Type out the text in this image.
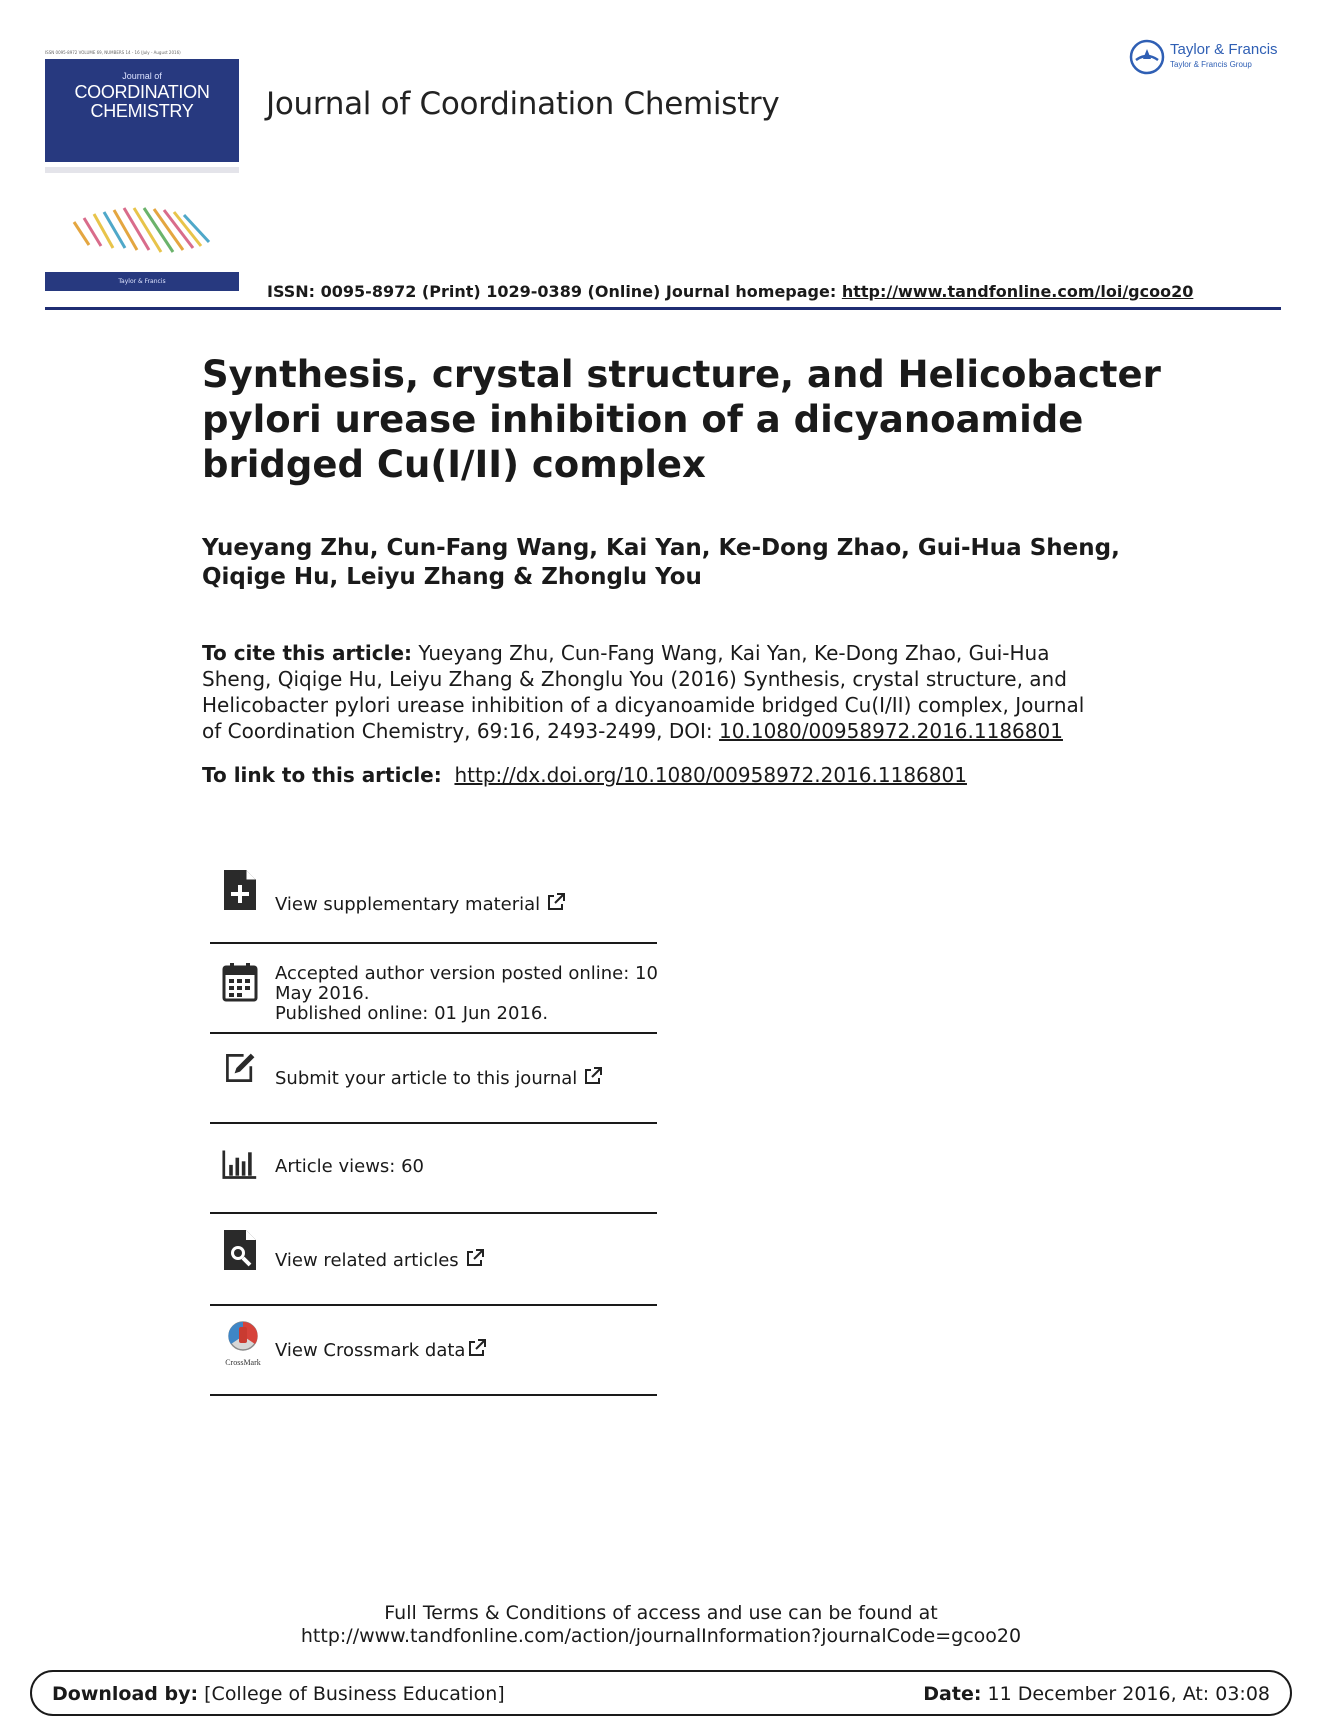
ISSN 0095-8972 VOLUME 69, NUMBERS 14 - 16 (July - August 2016)
Journal of
COORDINATION
CHEMISTRY
Taylor & Francis
Journal of Coordination Chemistry
Taylor & Francis
Taylor & Francis Group
ISSN: 0095-8972 (Print) 1029-0389 (Online) Journal homepage: http://www.tandfonline.com/loi/gcoo20
Synthesis, crystal structure, and Helicobacter pylori urease inhibition of a dicyanoamide bridged Cu(I/II) complex
Yueyang Zhu, Cun-Fang Wang, Kai Yan, Ke-Dong Zhao, Gui-Hua Sheng,
Qiqige Hu, Leiyu Zhang & Zhonglu You
To cite this article: Yueyang Zhu, Cun-Fang Wang, Kai Yan, Ke-Dong Zhao, Gui-Hua Sheng, Qiqige Hu, Leiyu Zhang & Zhonglu You (2016) Synthesis, crystal structure, and Helicobacter pylori urease inhibition of a dicyanoamide bridged Cu(I/II) complex, Journal of Coordination Chemistry, 69:16, 2493-2499, DOI: 10.1080/00958972.2016.1186801
To link to this article: http://dx.doi.org/10.1080/00958972.2016.1186801
View supplementary material
Accepted author version posted online: 10
May 2016.
Published online: 01 Jun 2016.
Submit your article to this journal
Article views: 60
View related articles
CrossMark
View Crossmark data
Full Terms & Conditions of access and use can be found at
http://www.tandfonline.com/action/journalInformation?journalCode=gcoo20
Download by: [College of Business Education]	Date: 11 December 2016, At: 03:08
